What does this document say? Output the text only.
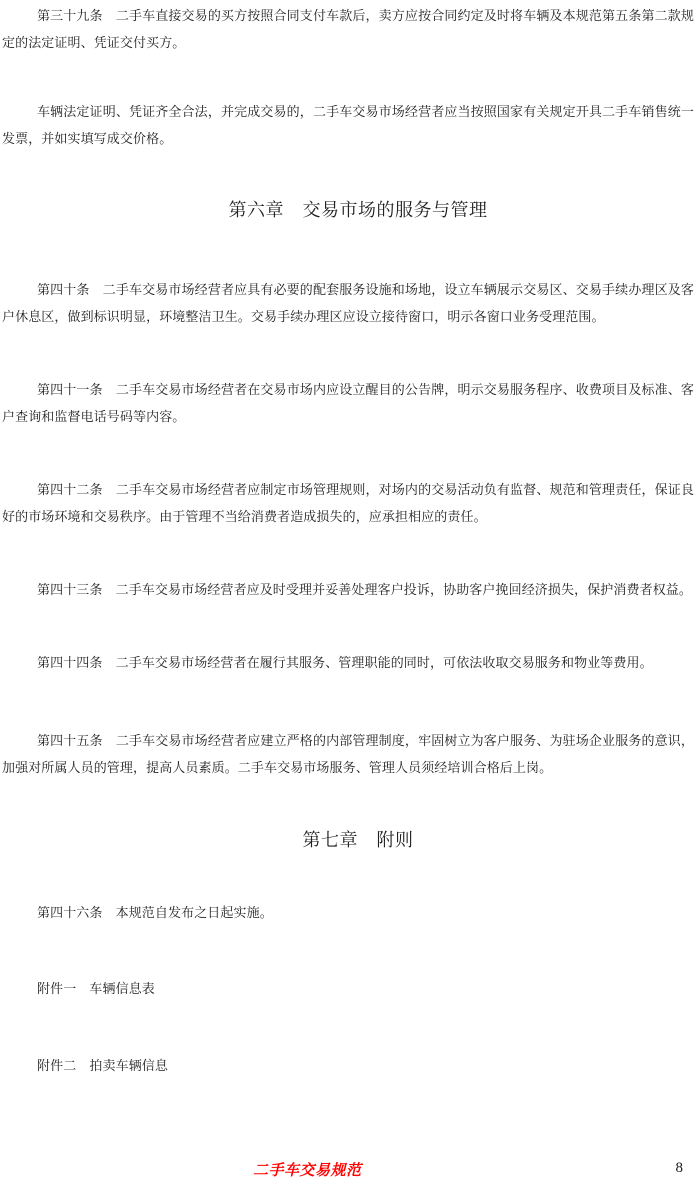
第三十九条　二手车直接交易的买方按照合同支付车款后，卖方应按合同约定及时将车辆及本规范第五条第二款规定的法定证明、凭证交付买方。

车辆法定证明、凭证齐全合法，并完成交易的，二手车交易市场经营者应当按照国家有关规定开具二手车销售统一发票，并如实填写成交价格。

第六章　交易市场的服务与管理

第四十条　二手车交易市场经营者应具有必要的配套服务设施和场地，设立车辆展示交易区、交易手续办理区及客户休息区，做到标识明显，环境整洁卫生。交易手续办理区应设立接待窗口，明示各窗口业务受理范围。

第四十一条　二手车交易市场经营者在交易市场内应设立醒目的公告牌，明示交易服务程序、收费项目及标准、客户查询和监督电话号码等内容。

第四十二条　二手车交易市场经营者应制定市场管理规则，对场内的交易活动负有监督、规范和管理责任，保证良好的市场环境和交易秩序。由于管理不当给消费者造成损失的，应承担相应的责任。

第四十三条　二手车交易市场经营者应及时受理并妥善处理客户投诉，协助客户挽回经济损失，保护消费者权益。

第四十四条　二手车交易市场经营者在履行其服务、管理职能的同时，可依法收取交易服务和物业等费用。

第四十五条　二手车交易市场经营者应建立严格的内部管理制度，牢固树立为客户服务、为驻场企业服务的意识，加强对所属人员的管理，提高人员素质。二手车交易市场服务、管理人员须经培训合格后上岗。

第七章　附则

第四十六条　本规范自发布之日起实施。

附件一　车辆信息表

附件二　拍卖车辆信息

二手车交易规范	8
